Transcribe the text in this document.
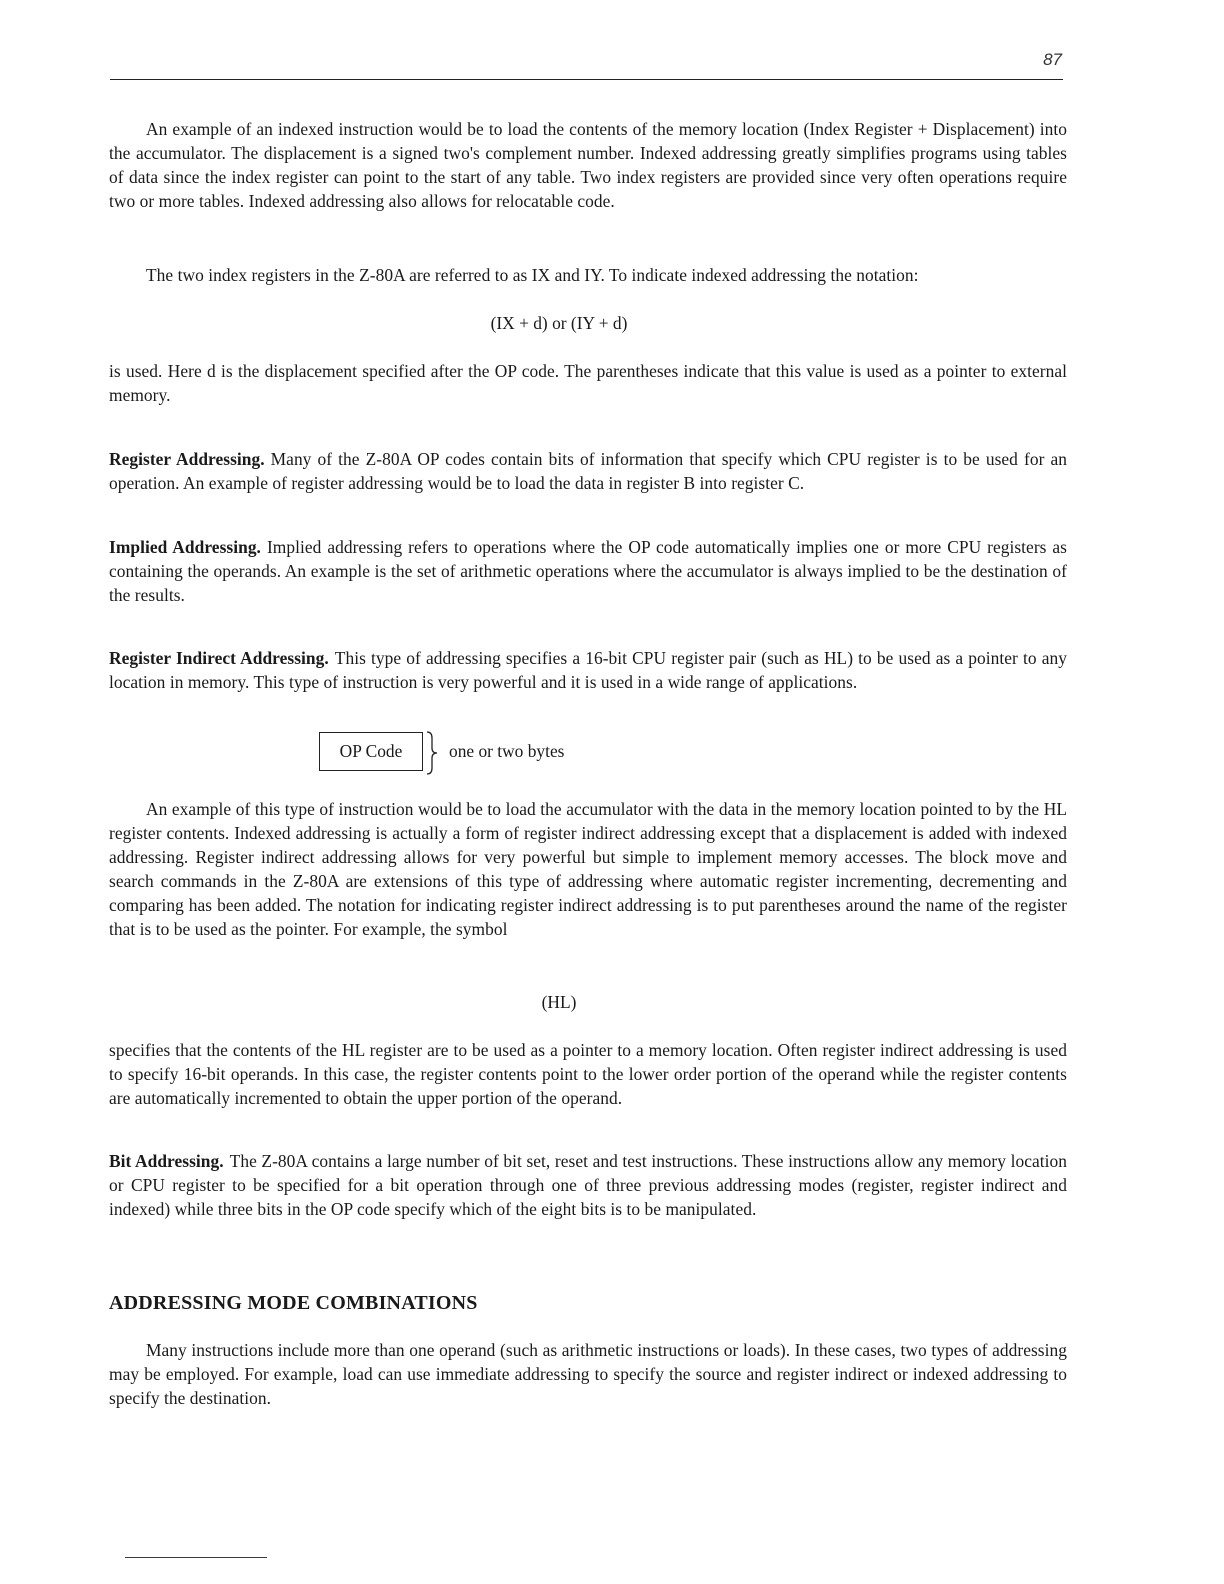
87

An example of an indexed instruction would be to load the contents of the memory location (Index Register + Displacement) into the accumulator. The displacement is a signed two's complement number. Indexed addressing greatly simplifies programs using tables of data since the index register can point to the start of any table. Two index registers are provided since very often operations require two or more tables. Indexed addressing also allows for relocatable code.

The two index registers in the Z-80A are referred to as IX and IY. To indicate indexed addressing the notation:

(IX + d) or (IY + d)

is used. Here d is the displacement specified after the OP code. The parentheses indicate that this value is used as a pointer to external memory.

Register Addressing. Many of the Z-80A OP codes contain bits of information that specify which CPU register is to be used for an operation. An example of register addressing would be to load the data in register B into register C.

Implied Addressing. Implied addressing refers to operations where the OP code automatically implies one or more CPU registers as containing the operands. An example is the set of arithmetic operations where the accumulator is always implied to be the destination of the results.

Register Indirect Addressing. This type of addressing specifies a 16-bit CPU register pair (such as HL) to be used as a pointer to any location in memory. This type of instruction is very powerful and it is used in a wide range of applications.

OP Code	one or two bytes

An example of this type of instruction would be to load the accumulator with the data in the memory location pointed to by the HL register contents. Indexed addressing is actually a form of register indirect addressing except that a displacement is added with indexed addressing. Register indirect addressing allows for very powerful but simple to implement memory accesses. The block move and search commands in the Z-80A are extensions of this type of addressing where automatic register incrementing, decrementing and comparing has been added. The notation for indicating register indirect addressing is to put parentheses around the name of the register that is to be used as the pointer. For example, the symbol

(HL)

specifies that the contents of the HL register are to be used as a pointer to a memory location. Often register indirect addressing is used to specify 16-bit operands. In this case, the register contents point to the lower order portion of the operand while the register contents are automatically incremented to obtain the upper portion of the operand.

Bit Addressing. The Z-80A contains a large number of bit set, reset and test instructions. These instructions allow any memory location or CPU register to be specified for a bit operation through one of three previous addressing modes (register, register indirect and indexed) while three bits in the OP code specify which of the eight bits is to be manipulated.

ADDRESSING MODE COMBINATIONS

Many instructions include more than one operand (such as arithmetic instructions or loads). In these cases, two types of addressing may be employed. For example, load can use immediate addressing to specify the source and register indirect or indexed addressing to specify the destination.
